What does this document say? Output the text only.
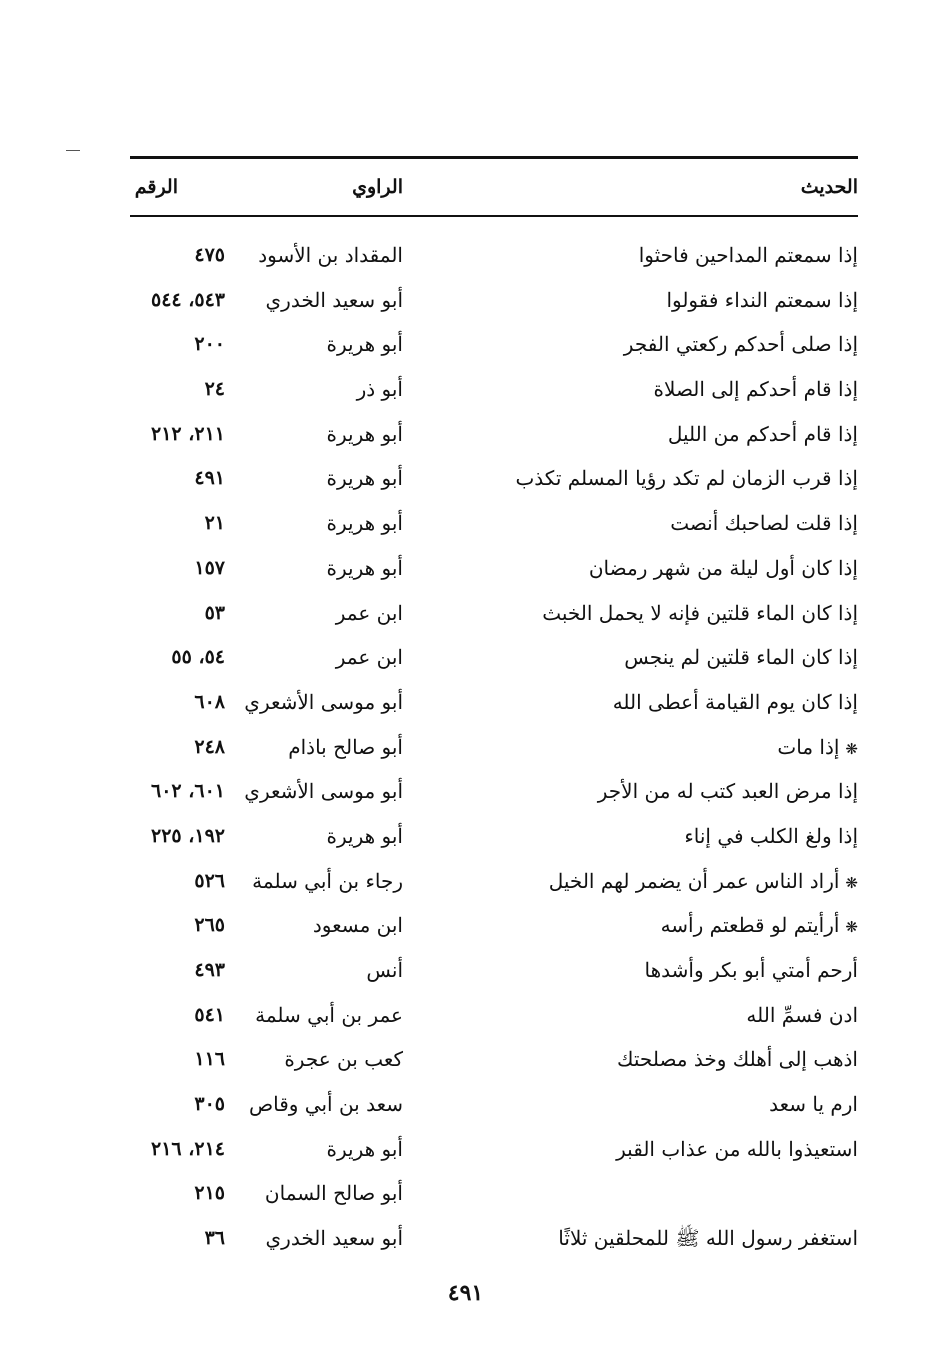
الحديث
الراوي
الرقم
إذا سمعتم المداحين فاحثوا
المقداد بن الأسود
٤٧٥
إذا سمعتم النداء فقولوا
أبو سعيد الخدري
٥٤٣، ٥٤٤
إذا صلى أحدكم ركعتي الفجر
أبو هريرة
٢٠٠
إذا قام أحدكم إلى الصلاة
أبو ذر
٢٤
إذا قام أحدكم من الليل
أبو هريرة
٢١١، ٢١٢
إذا قرب الزمان لم تكد رؤيا المسلم تكذب
أبو هريرة
٤٩١
إذا قلت لصاحبك أنصت
أبو هريرة
٢١
إذا كان أول ليلة من شهر رمضان
أبو هريرة
١٥٧
إذا كان الماء قلتين فإنه لا يحمل الخبث
ابن عمر
٥٣
إذا كان الماء قلتين لم ينجس
ابن عمر
٥٤، ٥٥
إذا كان يوم القيامة أعطى الله
أبو موسى الأشعري
٦٠٨
❋إذا مات
أبو صالح باذام
٢٤٨
إذا مرض العبد كتب له من الأجر
أبو موسى الأشعري
٦٠١، ٦٠٢
إذا ولغ الكلب في إناء
أبو هريرة
١٩٢، ٢٢٥
❋أراد الناس عمر أن يضمر لهم الخيل
رجاء بن أبي سلمة
٥٢٦
❋أرأيتم لو قطعتم رأسه
ابن مسعود
٢٦٥
أرحم أمتي أبو بكر وأشدها
أنس
٤٩٣
ادن فسمِّ الله
عمر بن أبي سلمة
٥٤١
اذهب إلى أهلك وخذ مصلحتك
كعب بن عجرة
١١٦
ارم يا سعد
سعد بن أبي وقاص
٣٠٥
استعيذوا بالله من عذاب القبر
أبو هريرة
٢١٤، ٢١٦
أبو صالح السمان
٢١٥
استغفر رسول الله ﷺ للمحلقين ثلاثًا
أبو سعيد الخدري
٣٦
٤٩١
